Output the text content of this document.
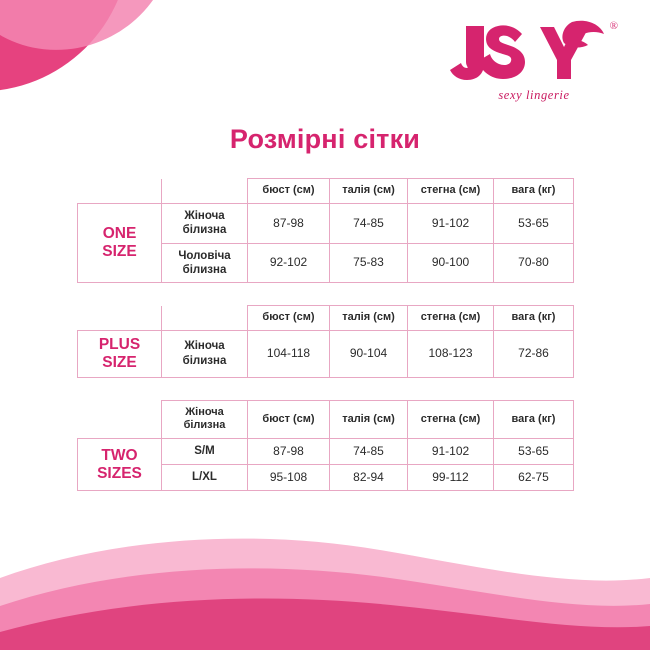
®
sexy lingerie
Розмірні сітки
		бюст (см)	талія (см)	стегна (см)	вага (кг)
ONE
SIZE	Жіноча білизна	87-98	74-85	91-102	53-65
	Чоловіча білизна	92-102	75-83	90-100	70-80
		бюст (см)	талія (см)	стегна (см)	вага (кг)
PLUS
SIZE	Жіноча білизна	104-118	90-104	108-123	72-86
	Жіноча білизна	бюст (см)	талія (см)	стегна (см)	вага (кг)
TWO
SIZES	S/M	87-98	74-85	91-102	53-65
	L/XL	95-108	82-94	99-112	62-75
